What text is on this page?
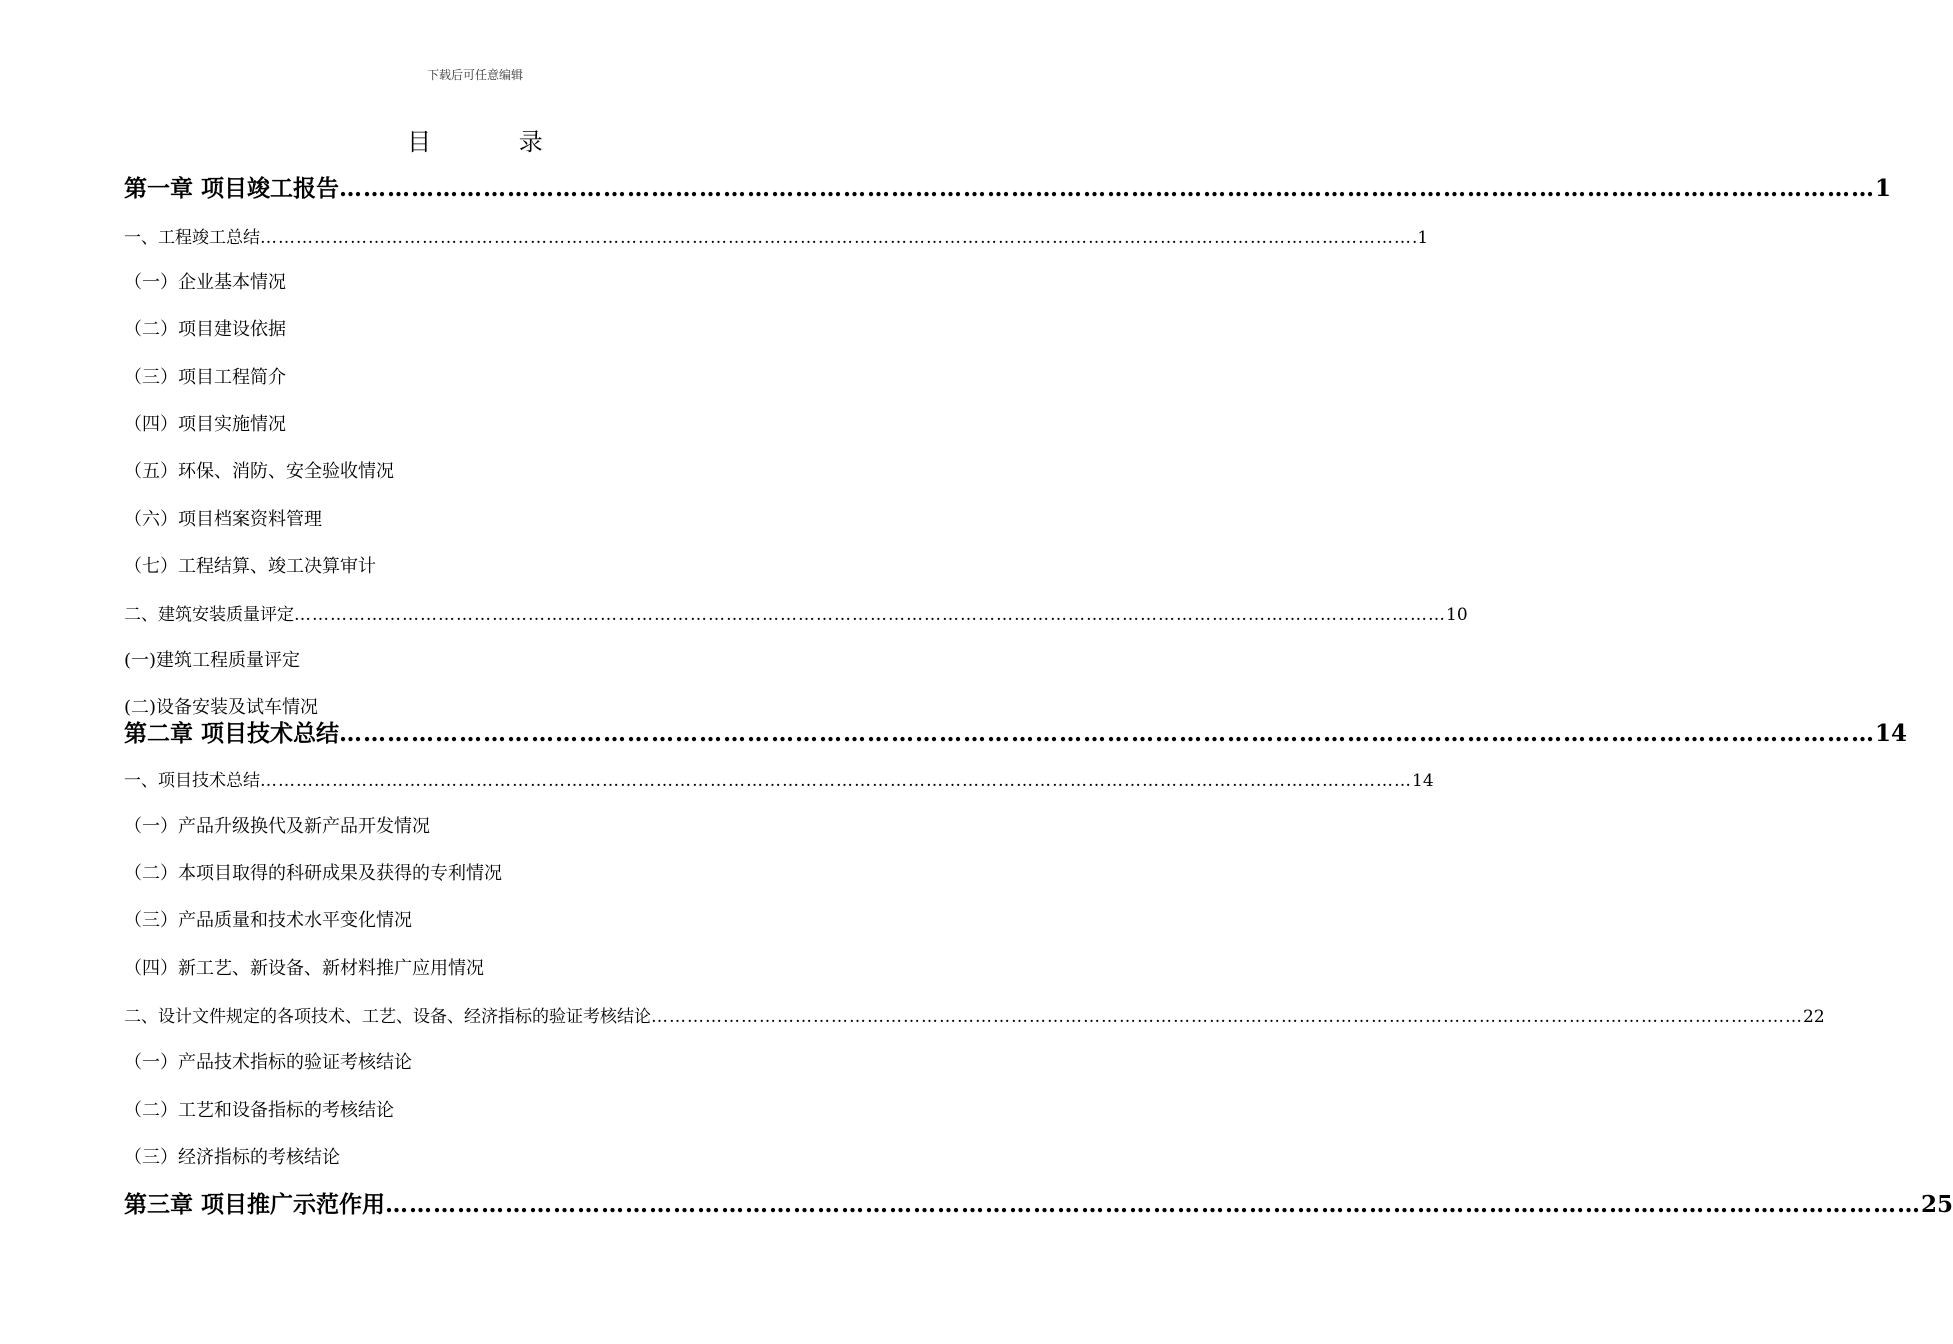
下载后可任意编辑
目 录
第一章 项目竣工报告 ………………………………………………………………………………………………………………………………………………………………………… 1
一、工程竣工总结 ………………………………………………………………………………………………………………………………………………………………………… .1
（一）企业基本情况
（二）项目建设依据
（三）项目工程简介
（四）项目实施情况
（五）环保、消防、安全验收情况
（六）项目档案资料管理
（七）工程结算、竣工决算审计
二、建筑安装质量评定 ………………………………………………………………………………………………………………………………………………………………………… 10
(一)建筑工程质量评定
(二)设备安装及试车情况
第二章 项目技术总结 ………………………………………………………………………………………………………………………………………………………………………… 14
一、项目技术总结 ………………………………………………………………………………………………………………………………………………………………………… 14
（一）产品升级换代及新产品开发情况
（二）本项目取得的科研成果及获得的专利情况
（三）产品质量和技术水平变化情况
（四）新工艺、新设备、新材料推广应用情况
二、设计文件规定的各项技术、工艺、设备、经济指标的验证考核结论 ………………………………………………………………………………………………………………………………………………………………………… 22
（一）产品技术指标的验证考核结论
（二）工艺和设备指标的考核结论
（三）经济指标的考核结论
第三章 项目推广示范作用 ………………………………………………………………………………………………………………………………………………………………………… 25
